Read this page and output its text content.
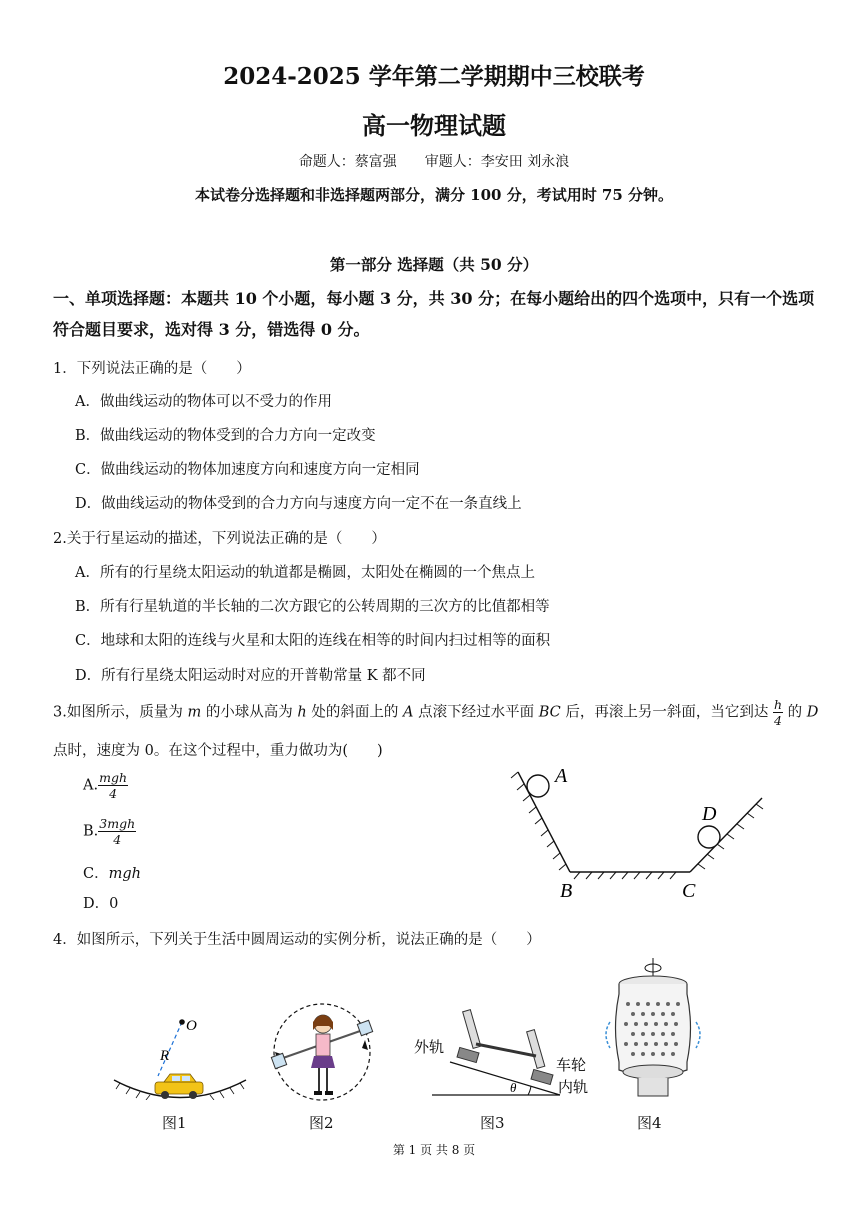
2024-2025 学年第二学期期中三校联考
高一物理试题
命题人：蔡富强　　审题人：李安田 刘永浪
本试卷分选择题和非选择题两部分，满分 100 分，考试用时 75 分钟。
第一部分 选择题（共 50 分）
一、单项选择题：本题共 10 个小题，每小题 3 分，共 30 分；在每小题给出的四个选项中，只有一个选项符合题目要求，选对得 3 分，错选得 0 分。
1．下列说法正确的是（　　）
A．做曲线运动的物体可以不受力的作用
B．做曲线运动的物体受到的合力方向一定改变
C．做曲线运动的物体加速度方向和速度方向一定相同
D．做曲线运动的物体受到的合力方向与速度方向一定不在一条直线上
2.关于行星运动的描述，下列说法正确的是（　　）
A．所有的行星绕太阳运动的轨道都是椭圆，太阳处在椭圆的一个焦点上
B．所有行星轨道的半长轴的二次方跟它的公转周期的三次方的比值都相等
C．地球和太阳的连线与火星和太阳的连线在相等的时间内扫过相等的面积
D．所有行星绕太阳运动时对应的开普勒常量 K 都不同
3.如图所示，质量为 m 的小球从高为 h 处的斜面上的 A 点滚下经过水平面 BC 后，再滚上另一斜面，当它到达 $\frac{h}{4}$ 的 D
点时，速度为 0。在这个过程中，重力做功为(　　)
A. $\frac{\text{mgh}}{4}$
B. $\frac{\text{3mgh}}{4}$
C．mgh
D．0
A
B	C
D
4．如图所示，下列关于生活中圆周运动的实例分析，说法正确的是（　　）
O
R
图1	图2
θ
外轨
车轮
内轨
图3	图4
第 1 页 共 8 页
